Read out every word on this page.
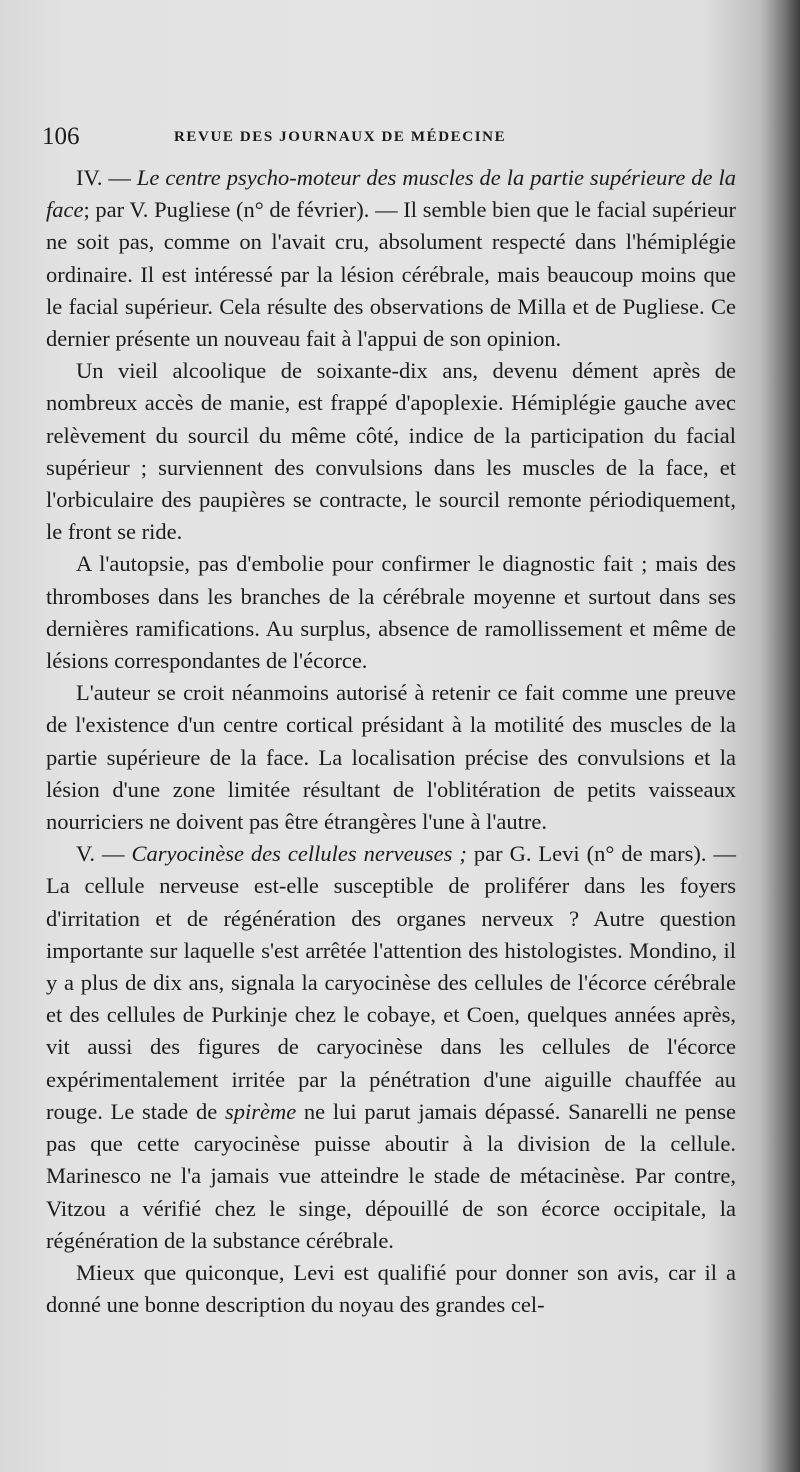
106	REVUE DES JOURNAUX DE MÉDECINE

IV. — Le centre psycho-moteur des muscles de la partie supérieure de la face; par V. Pugliese (n° de février). — Il semble bien que le facial supérieur ne soit pas, comme on l'avait cru, absolument respecté dans l'hémiplégie ordinaire. Il est intéressé par la lésion cérébrale, mais beaucoup moins que le facial supérieur. Cela résulte des observations de Milla et de Pugliese. Ce dernier présente un nouveau fait à l'appui de son opinion.

Un vieil alcoolique de soixante-dix ans, devenu dément après de nombreux accès de manie, est frappé d'apoplexie. Hémiplégie gauche avec relèvement du sourcil du même côté, indice de la participation du facial supérieur ; surviennent des convulsions dans les muscles de la face, et l'orbiculaire des paupières se contracte, le sourcil remonte périodiquement, le front se ride.

A l'autopsie, pas d'embolie pour confirmer le diagnostic fait ; mais des thromboses dans les branches de la cérébrale moyenne et surtout dans ses dernières ramifications. Au surplus, absence de ramollissement et même de lésions correspondantes de l'écorce.

L'auteur se croit néanmoins autorisé à retenir ce fait comme une preuve de l'existence d'un centre cortical présidant à la motilité des muscles de la partie supérieure de la face. La localisation précise des convulsions et la lésion d'une zone limitée résultant de l'oblitération de petits vaisseaux nourriciers ne doivent pas être étrangères l'une à l'autre.

V. — Caryocinèse des cellules nerveuses ; par G. Levi (n° de mars). — La cellule nerveuse est-elle susceptible de proliférer dans les foyers d'irritation et de régénération des organes nerveux ? Autre question importante sur laquelle s'est arrêtée l'attention des histologistes. Mondino, il y a plus de dix ans, signala la caryocinèse des cellules de l'écorce cérébrale et des cellules de Purkinje chez le cobaye, et Coen, quelques années après, vit aussi des figures de caryocinèse dans les cellules de l'écorce expérimentalement irritée par la pénétration d'une aiguille chauffée au rouge. Le stade de spirème ne lui parut jamais dépassé. Sanarelli ne pense pas que cette caryocinèse puisse aboutir à la division de la cellule. Marinesco ne l'a jamais vue atteindre le stade de métacinèse. Par contre, Vitzou a vérifié chez le singe, dépouillé de son écorce occipitale, la régénération de la substance cérébrale.

Mieux que quiconque, Levi est qualifié pour donner son avis, car il a donné une bonne description du noyau des grandes cel-
